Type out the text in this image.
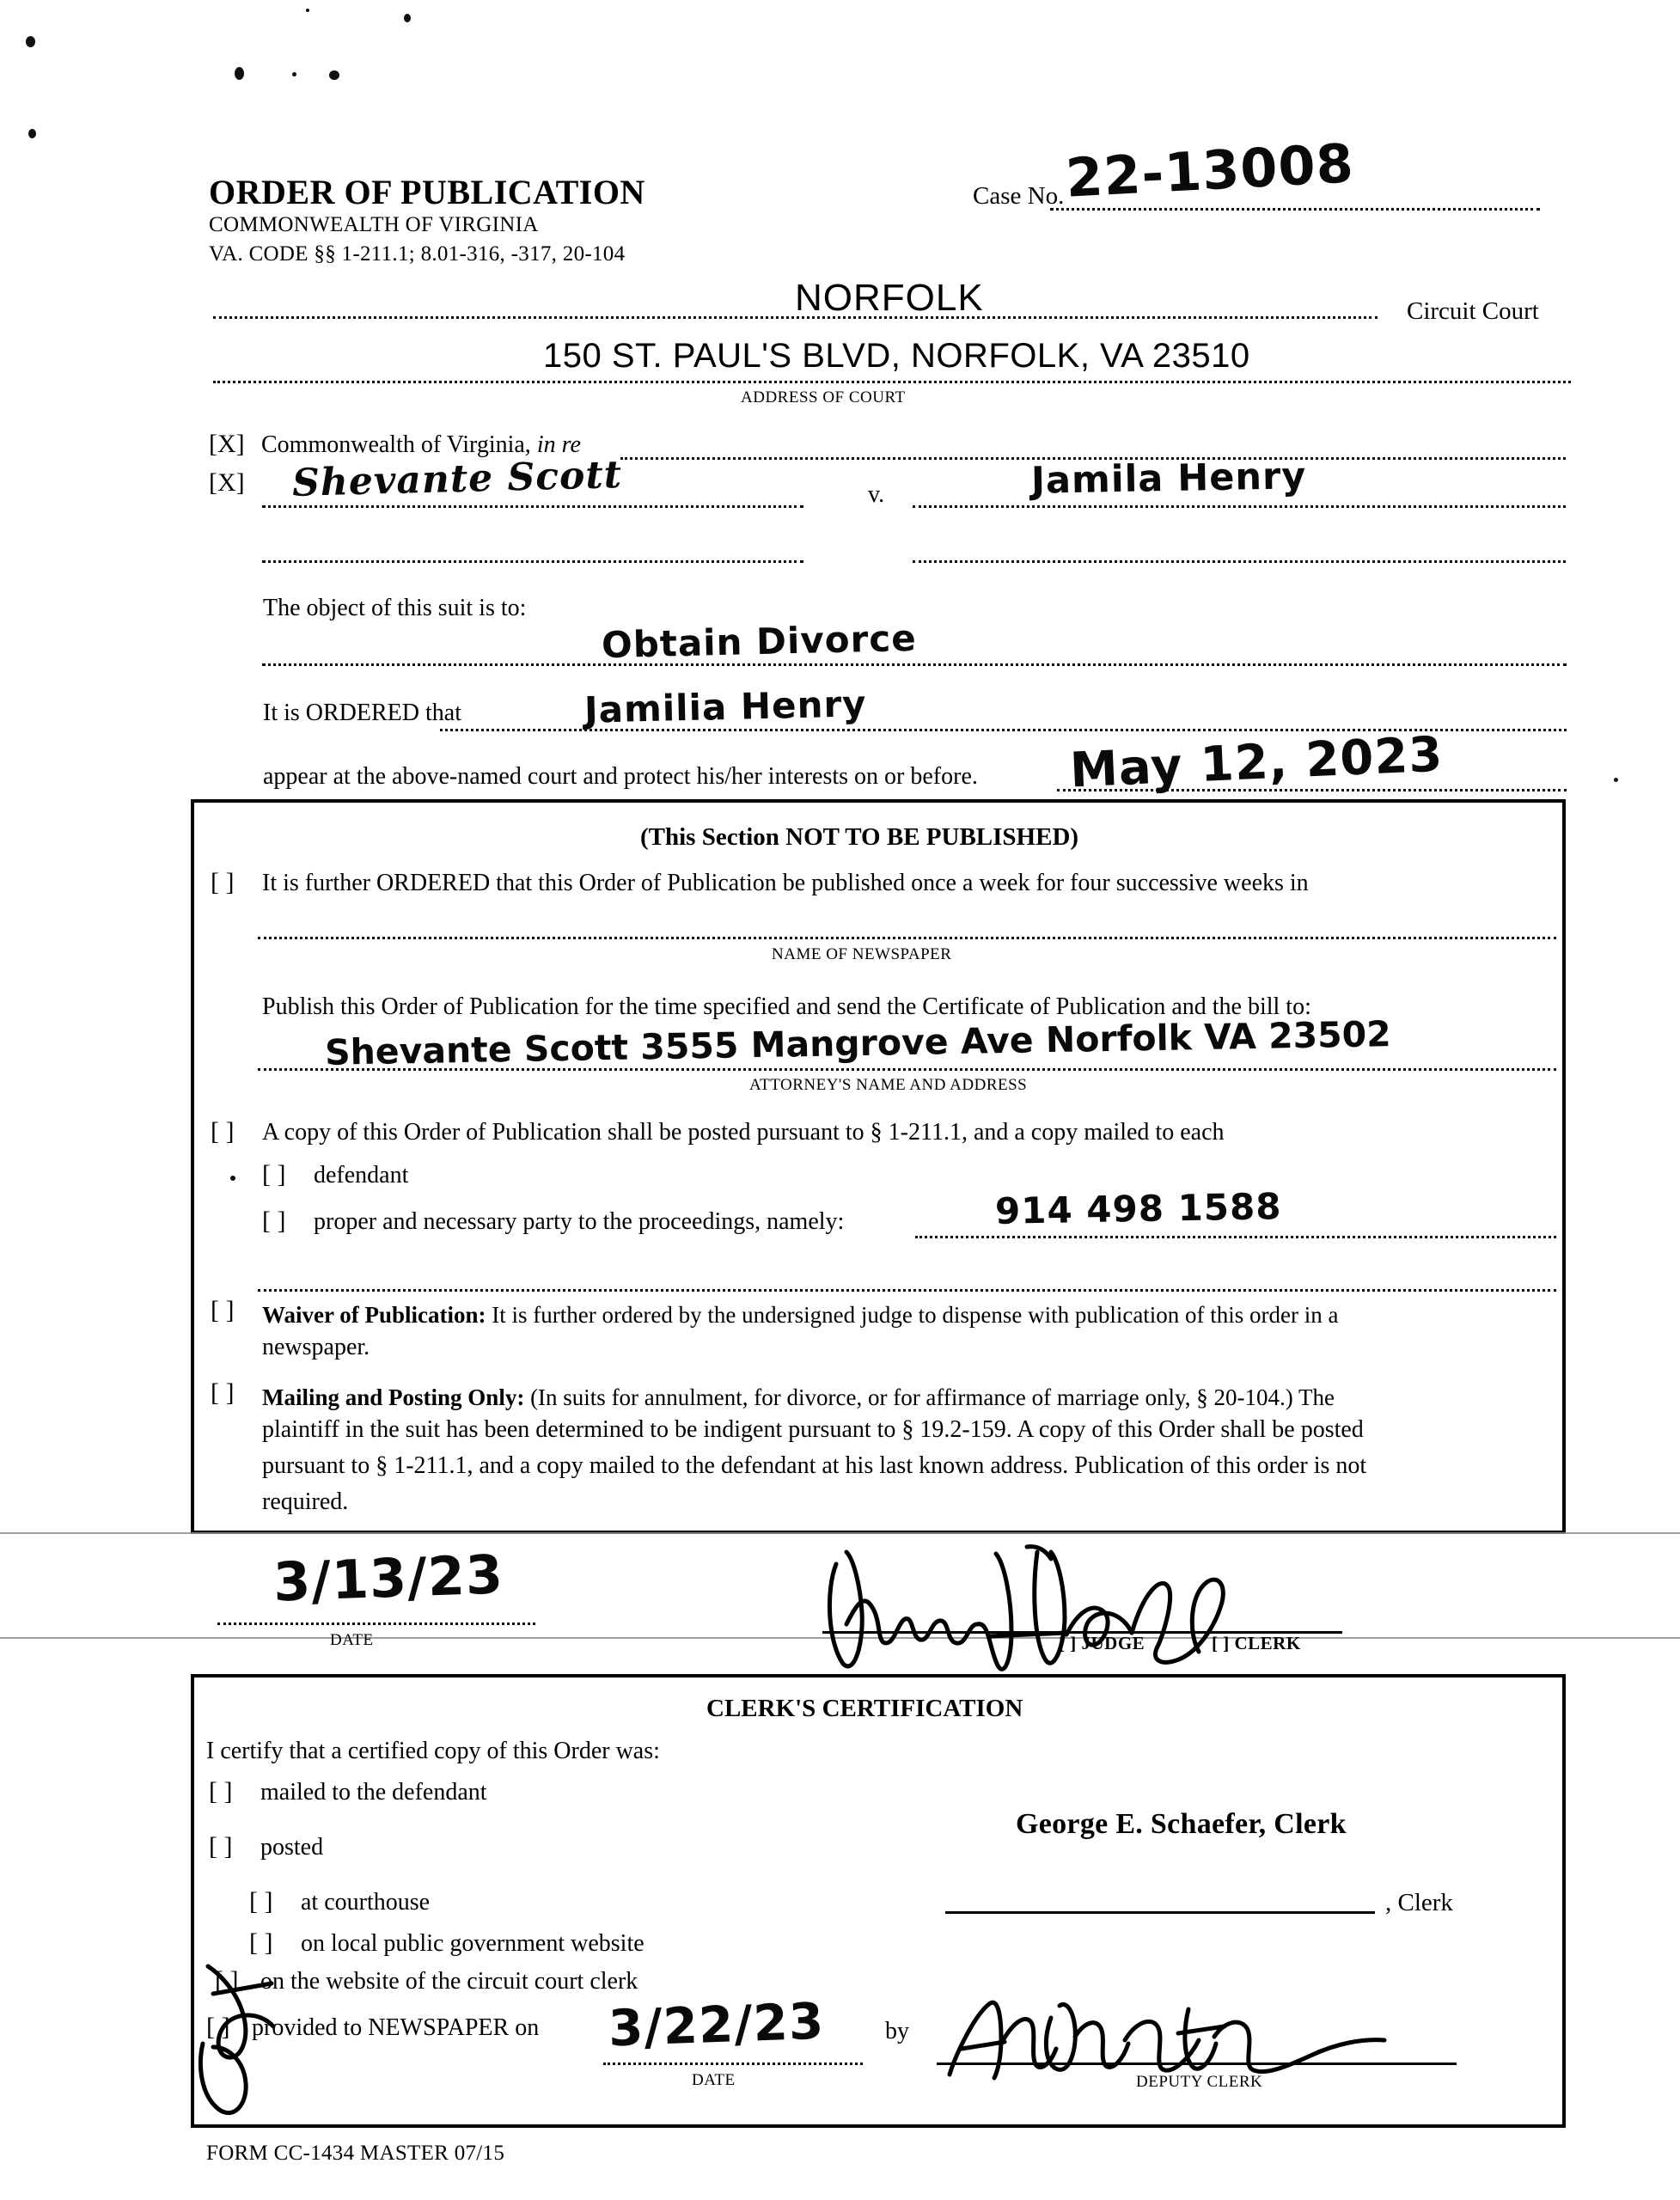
ORDER OF PUBLICATION
COMMONWEALTH OF VIRGINIA
VA. CODE §§ 1-211.1; 8.01-316, -317, 20-104
Case No. 22-13008
NORFOLK	Circuit Court
150 ST. PAUL'S BLVD, NORFOLK, VA 23510
ADDRESS OF COURT
[X] Commonwealth of Virginia, in re
[X] Shevante Scott	v.	Jamila Henry
The object of this suit is to:
Obtain Divorce
It is ORDERED that	Jamilia Henry
appear at the above-named court and protect his/her interests on or before. May 12, 2023
(This Section NOT TO BE PUBLISHED)
[ ] It is further ORDERED that this Order of Publication be published once a week for four successive weeks in
NAME OF NEWSPAPER
Publish this Order of Publication for the time specified and send the Certificate of Publication and the bill to:
Shevante Scott 3555 Mangrove Ave Norfolk VA 23502
ATTORNEY'S NAME AND ADDRESS
[ ] A copy of this Order of Publication shall be posted pursuant to § 1-211.1, and a copy mailed to each
[ ] defendant
[ ] proper and necessary party to the proceedings, namely:	914 498 1588
[ ] Waiver of Publication: It is further ordered by the undersigned judge to dispense with publication of this order in a
newspaper.
[ ] Mailing and Posting Only: (In suits for annulment, for divorce, or for affirmance of marriage only, § 20-104.) The
plaintiff in the suit has been determined to be indigent pursuant to § 19.2-159. A copy of this Order shall be posted
pursuant to § 1-211.1, and a copy mailed to the defendant at his last known address. Publication of this order is not
required.
3/13/23
DATE	[ ] JUDGE	[ ] CLERK
CLERK'S CERTIFICATION
I certify that a certified copy of this Order was:
[ ] mailed to the defendant
[ ] posted
[ ] at courthouse
[ ] on local public government website
[ ] on the website of the circuit court clerk
[ ] provided to NEWSPAPER on 3/22/23
DATE
by
DEPUTY CLERK
George E. Schaefer, Clerk
, Clerk
FORM CC-1434 MASTER 07/15
